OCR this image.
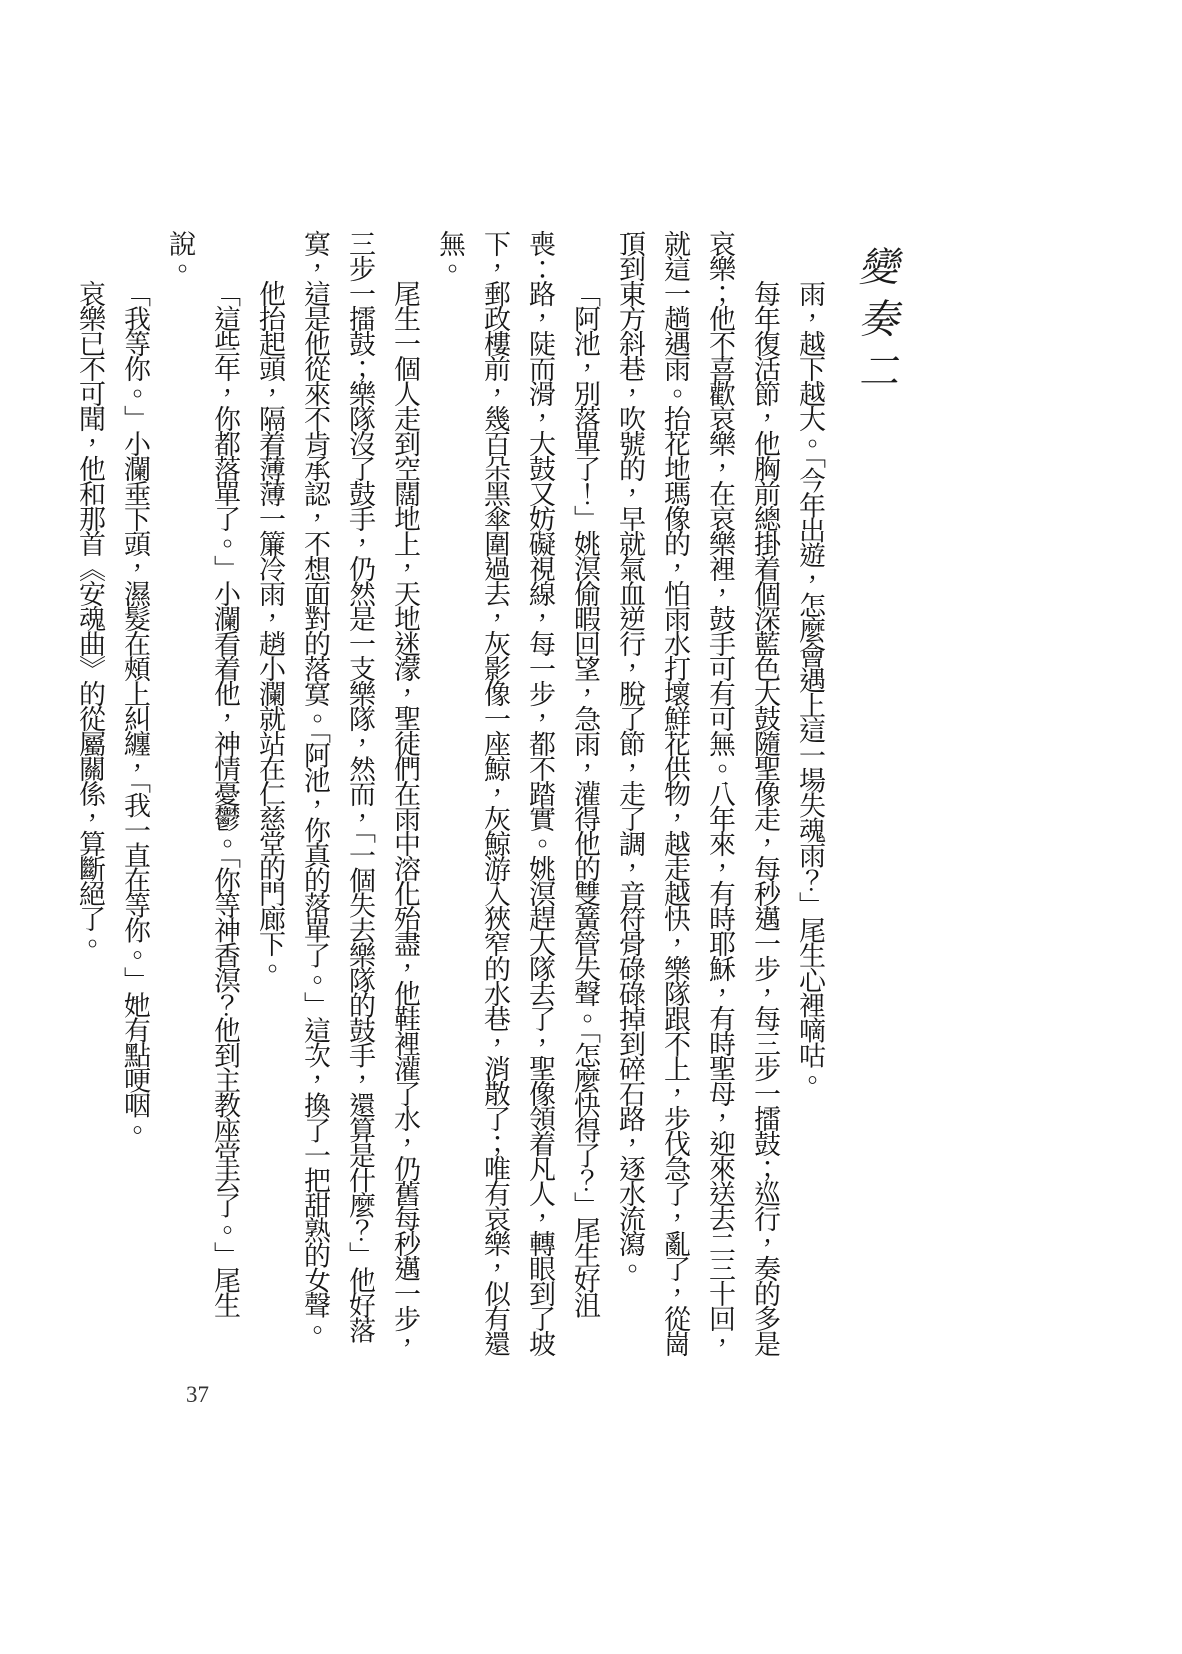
變奏二

雨，越下越大。「今年出遊，怎麼會遇上這一場失魂雨？」尾生心裡嘀咕。

每年復活節，他胸前總掛着個深藍色大鼓隨聖像走，每秒邁一步，每三步一擂鼓；巡行，奏的多是哀樂；他不喜歡哀樂，在哀樂裡，鼓手可有可無。八年來，有時耶穌，有時聖母，迎來送去二三十回，就這一趟遇雨。抬花地瑪像的，怕雨水打壞鮮花供物，越走越快，樂隊跟不上，步伐急了，亂了，從崗頂到東方斜巷，吹號的，早就氣血逆行，脫了節，走了調，音符骨碌碌掉到碎石路，逐水流瀉。

「阿池，別落單了！」姚溟偷暇回望，急雨，灌得他的雙簧管失聲。「怎麼快得了？」尾生好沮喪：路，陡而滑，大鼓又妨礙視線，每一步，都不踏實。姚溟趕大隊去了，聖像領着凡人，轉眼到了坡下，郵政樓前，幾百朵黑傘圍過去，灰影像一座鯨，灰鯨游入狹窄的水巷，消散了；唯有哀樂，似有還無。

尾生一個人走到空闊地上，天地迷濛，聖徒們在雨中溶化殆盡，他鞋裡灌了水，仍舊每秒邁一步，三步一擂鼓；樂隊沒了鼓手，仍然是一支樂隊，然而，「一個失去樂隊的鼓手，還算是什麼？」他好落寞，這是他從來不肯承認，不想面對的落寞。「阿池，你真的落單了。」這次，換了一把甜熟的女聲。

他抬起頭，隔着薄薄一簾冷雨，趙小瀾就站在仁慈堂的門廊下。

「這些年，你都落單了。」小瀾看着他，神情憂鬱。「你等神香溟？他到主教座堂去了。」尾生說。

「我等你。」小瀾垂下頭，濕髮在頰上糾纏，「我一直在等你。」她有點哽咽。

哀樂已不可聞，他和那首《安魂曲》的從屬關係，算斷絕了。

37
